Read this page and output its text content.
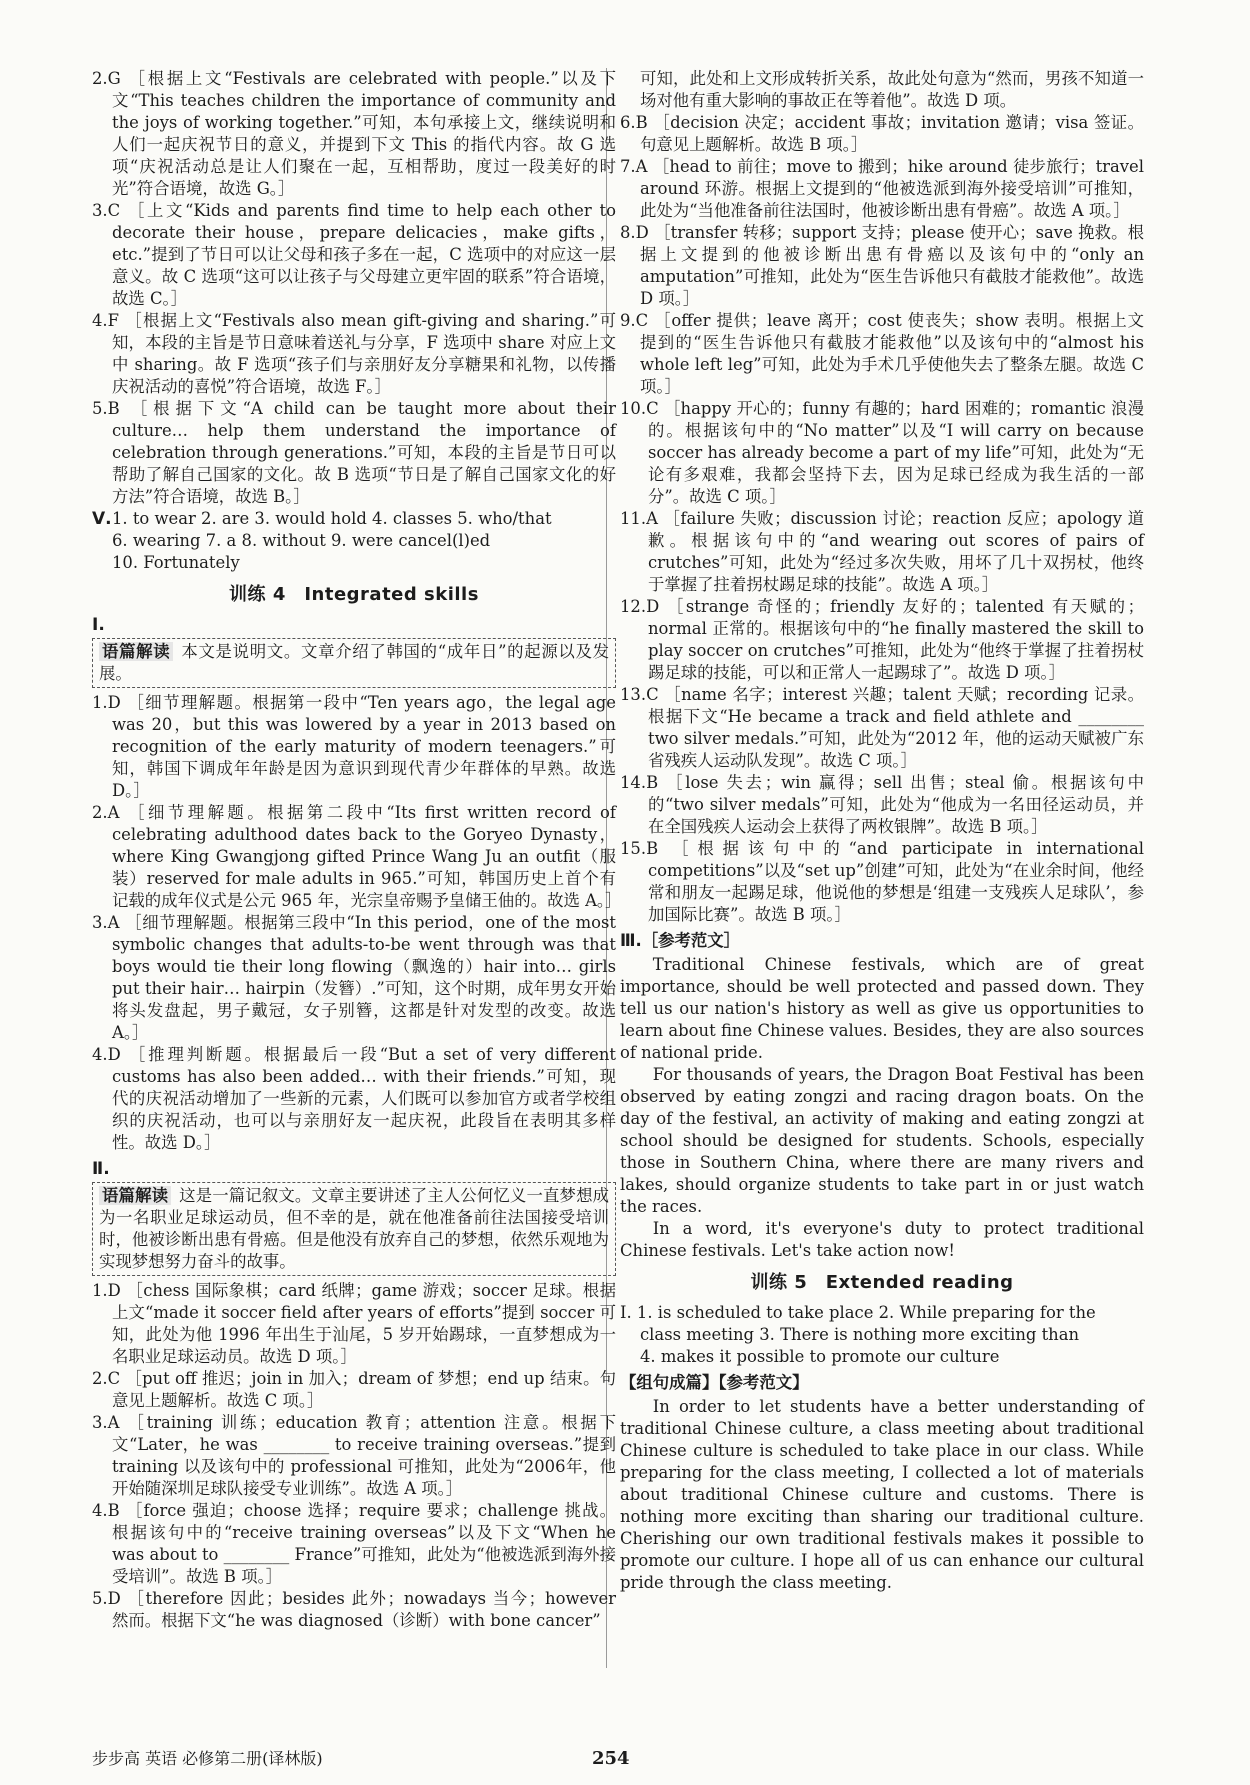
2.G ［根据上文“Festivals are celebrated with people.”以及下文“This teaches children the importance of community and the joys of working together.”可知，本句承接上文，继续说明和人们一起庆祝节日的意义，并提到下文 This 的指代内容。故 G 选项“庆祝活动总是让人们聚在一起，互相帮助，度过一段美好的时光”符合语境，故选 G。］

3.C ［上文“Kids and parents find time to help each other to decorate their house，prepare delicacies，make gifts，etc.”提到了节日可以让父母和孩子多在一起，C 选项中的对应这一层意义。故 C 选项“这可以让孩子与父母建立更牢固的联系”符合语境，故选 C。］

4.F ［根据上文“Festivals also mean gift-giving and sharing.”可知，本段的主旨是节日意味着送礼与分享，F 选项中 share 对应上文中 sharing。故 F 选项“孩子们与亲朋好友分享糖果和礼物，以传播庆祝活动的喜悦”符合语境，故选 F。］

5.B ［根据下文“A child can be taught more about their culture… help them understand the importance of celebration through generations.”可知，本段的主旨是节日可以帮助了解自己国家的文化。故 B 选项“节日是了解自己国家文化的好方法”符合语境，故选 B。］

Ⅴ. 1. to wear 2. are 3. would hold 4. classes 5. who/that
6. wearing 7. a 8. without 9. were cancel(l)ed
10. Fortunately
训练 4　Integrated skills
Ⅰ.
语篇解读 本文是说明文。文章介绍了韩国的“成年日”的起源以及发展。

1.D ［细节理解题。根据第一段中“Ten years ago，the legal age was 20，but this was lowered by a year in 2013 based on recognition of the early maturity of modern teenagers.”可知，韩国下调成年年龄是因为意识到现代青少年群体的早熟。故选 D。］

2.A ［细节理解题。根据第二段中“Its first written record of celebrating adulthood dates back to the Goryeo Dynasty，where King Gwangjong gifted Prince Wang Ju an outfit（服装）reserved for male adults in 965.”可知，韩国历史上首个有记载的成年仪式是公元 965 年，光宗皇帝赐予皇储王伷的。故选 A。］

3.A ［细节理解题。根据第三段中“In this period，one of the most symbolic changes that adults-to-be went through was that boys would tie their long flowing（飘逸的）hair into… girls put their hair… hairpin（发簪）.”可知，这个时期，成年男女开始将头发盘起，男子戴冠，女子别簪，这都是针对发型的改变。故选 A。］

4.D ［推理判断题。根据最后一段“But a set of very different customs has also been added… with their friends.”可知，现代的庆祝活动增加了一些新的元素，人们既可以参加官方或者学校组织的庆祝活动，也可以与亲朋好友一起庆祝，此段旨在表明其多样性。故选 D。］

Ⅱ.
语篇解读 这是一篇记叙文。文章主要讲述了主人公何忆义一直梦想成为一名职业足球运动员，但不幸的是，就在他准备前往法国接受培训时，他被诊断出患有骨癌。但是他没有放弃自己的梦想，依然乐观地为实现梦想努力奋斗的故事。

1.D ［chess 国际象棋；card 纸牌；game 游戏；soccer 足球。根据上文“made it soccer field after years of efforts”提到 soccer 可知，此处为他 1996 年出生于汕尾，5 岁开始踢球，一直梦想成为一名职业足球运动员。故选 D 项。］

2.C ［put off 推迟；join in 加入；dream of 梦想；end up 结束。句意见上题解析。故选 C 项。］

3.A ［training 训练；education 教育；attention 注意。根据下文“Later，he was ________ to receive training overseas.”提到 training 以及该句中的 professional 可推知，此处为“2006年，他开始随深圳足球队接受专业训练”。故选 A 项。］

4.B ［force 强迫；choose 选择；require 要求；challenge 挑战。根据该句中的“receive training overseas”以及下文“When he was about to ________ France”可推知，此处为“他被选派到海外接受培训”。故选 B 项。］

5.D ［therefore 因此；besides 此外；nowadays 当今；however 然而。根据下文“he was diagnosed（诊断）with bone cancer”

可知，此处和上文形成转折关系，故此处句意为“然而，男孩不知道一场对他有重大影响的事故正在等着他”。故选 D 项。

6.B ［decision 决定；accident 事故；invitation 邀请；visa 签证。句意见上题解析。故选 B 项。］

7.A ［head to 前往；move to 搬到；hike around 徒步旅行；travel around 环游。根据上文提到的“他被选派到海外接受培训”可推知，此处为“当他准备前往法国时，他被诊断出患有骨癌”。故选 A 项。］

8.D ［transfer 转移；support 支持；please 使开心；save 挽救。根据上文提到的他被诊断出患有骨癌以及该句中的“only an amputation”可推知，此处为“医生告诉他只有截肢才能救他”。故选 D 项。］

9.C ［offer 提供；leave 离开；cost 使丧失；show 表明。根据上文提到的“医生告诉他只有截肢才能救他”以及该句中的“almost his whole left leg”可知，此处为手术几乎使他失去了整条左腿。故选 C 项。］

10.C ［happy 开心的；funny 有趣的；hard 困难的；romantic 浪漫的。根据该句中的“No matter”以及“I will carry on because soccer has already become a part of my life”可知，此处为“无论有多艰难，我都会坚持下去，因为足球已经成为我生活的一部分”。故选 C 项。］

11.A ［failure 失败；discussion 讨论；reaction 反应；apology 道歉。根据该句中的“and wearing out scores of pairs of crutches”可知，此处为“经过多次失败，用坏了几十双拐杖，他终于掌握了拄着拐杖踢足球的技能”。故选 A 项。］

12.D ［strange 奇怪的；friendly 友好的；talented 有天赋的；normal 正常的。根据该句中的“he finally mastered the skill to play soccer on crutches”可推知，此处为“他终于掌握了拄着拐杖踢足球的技能，可以和正常人一起踢球了”。故选 D 项。］

13.C ［name 名字；interest 兴趣；talent 天赋；recording 记录。根据下文“He became a track and field athlete and ________ two silver medals.”可知，此处为“2012 年，他的运动天赋被广东省残疾人运动队发现”。故选 C 项。］

14.B ［lose 失去；win 赢得；sell 出售；steal 偷。根据该句中的“two silver medals”可知，此处为“他成为一名田径运动员，并在全国残疾人运动会上获得了两枚银牌”。故选 B 项。］

15.B ［根据该句中的“and participate in international competitions”以及“set up”创建”可知，此处为“在业余时间，他经常和朋友一起踢足球，他说他的梦想是‘组建一支残疾人足球队’，参加国际比赛”。故选 B 项。］

Ⅲ.［参考范文］

Traditional Chinese festivals, which are of great importance, should be well protected and passed down. They tell us our nation's history as well as give us opportunities to learn about fine Chinese values. Besides, they are also sources of national pride.

For thousands of years, the Dragon Boat Festival has been observed by eating zongzi and racing dragon boats. On the day of the festival, an activity of making and eating zongzi at school should be designed for students. Schools, especially those in Southern China, where there are many rivers and lakes, should organize students to take part in or just watch the races.

In a word, it's everyone's duty to protect traditional Chinese festivals. Let's take action now!

训练 5　Extended reading
Ⅰ. 1. is scheduled to take place 2. While preparing for the
class meeting 3. There is nothing more exciting than
4. makes it possible to promote our culture
【组句成篇】【参考范文】

In order to let students have a better understanding of traditional Chinese culture, a class meeting about traditional Chinese culture is scheduled to take place in our class. While preparing for the class meeting, I collected a lot of materials about traditional Chinese culture and customs. There is nothing more exciting than sharing our traditional culture. Cherishing our own traditional festivals makes it possible to promote our culture. I hope all of us can enhance our cultural pride through the class meeting.

步步高 英语 必修第二册(译林版)	254
